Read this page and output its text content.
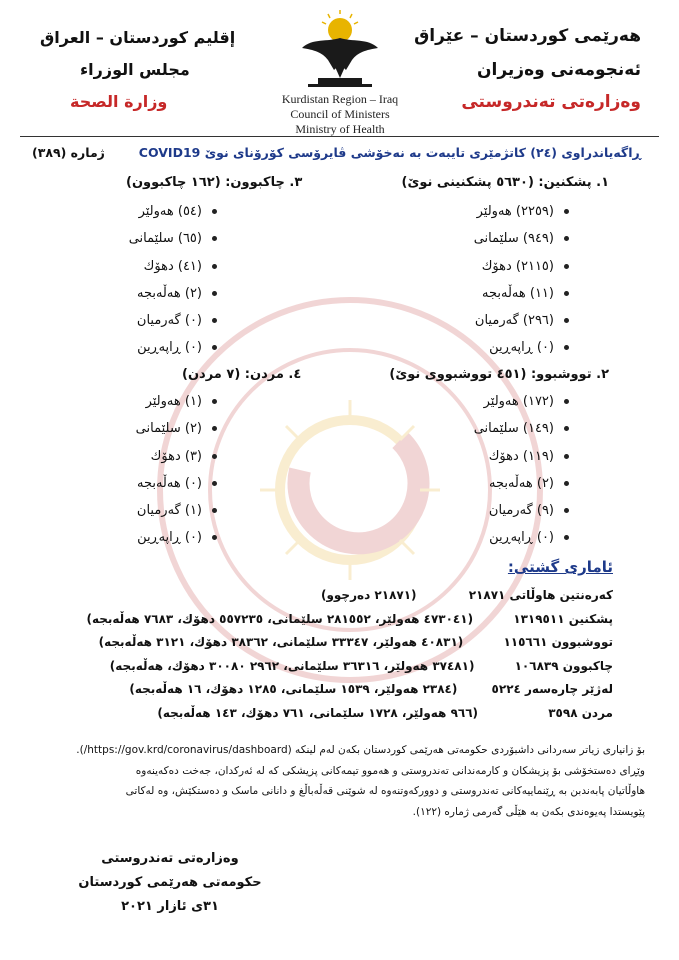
هەرێمی کوردستان – عێراق
ئەنجومەنی وەزیران
وەزارەتی تەندروستی
إقليم كوردستان – العراق
مجلس الوزراء
وزارة الصحة	Kurdistan Region – Iraq
Council of Ministers
Ministry of Health
ڕاگەیاندراوی (٢٤) کاتژمێری تایبەت بە نەخۆشی ڤایرۆسی کۆرۆنای نوێ COVID19
ژمارە (٣٨٩)
١. پشکنین: (٥٦٣٠ پشکنینی نوێ)
(٢٢٥٩) هەولێر
(٩٤٩) سلێمانی
(٢١١٥) دهۆك
(١١) هەڵەبجە
(٢٩٦) گەرمیان
(٠) ڕاپەڕین
٣. چاکبوون: (١٦٢ چاکبوون)
(٥٤) هەولێر
(٦٥) سلێمانی
(٤١) دهۆك
(٢) هەڵەبجە
(٠) گەرمیان
(٠) ڕاپەڕین
٢. تووشبوو: (٤٥١ تووشبووی نوێ)
(١٧٢) هەولێر
(١٤٩) سلێمانی
(١١٩) دهۆك
(٢) هەڵەبجە
(٩) گەرمیان
(٠) ڕاپەڕین
٤. مردن: (٧ مردن)
(١) هەولێر
(٢) سلێمانی
(٣) دهۆك
(٠) هەڵەبجە
(١) گەرمیان
(٠) ڕاپەڕین
ئاماری گشتی:
کەرەنتین هاوڵاتی ٢١٨٧١ (٢١٨٧١ دەرچوو)
پشکنین ١٣١٩٥١١ (٤٧٣٠٤١ هەولێر، ٢٨١٥٥٢ سلێمانی، ٥٥٧٢٣٥ دهۆك، ٧٦٨٣ هەڵەبجە)
تووشبوون ١١٥٦٦١ (٤٠٨٣١ هەولێر، ٣٣٣٤٧ سلێمانی، ٣٨٣٦٢ دهۆك، ٣١٢١ هەڵەبجە)
چاکبوون ١٠٦٨٣٩ (٣٧٤٨١ هەولێر، ٣٦٣١٦ سلێمانی، ٢٩٦٢ ٣٠٠٨٠ دهۆك، هەڵەبجە)
لەژێر چارەسەر ٥٢٢٤ (٢٣٨٤ هەولێر، ١٥٣٩ سلێمانی، ١٢٨٥ دهۆك، ١٦ هەڵەبجە)
مردن ٣٥٩٨ (٩٦٦ هەولێر، ١٧٢٨ سلێمانی، ٧٦١ دهۆك، ١٤٣ هەڵەبجە)
بۆ زانیاری زیاتر سەردانی داشبۆردی حکومەتی هەرێمی کوردستان بکەن لەم لینکە (https://gov.krd/coronavirus/dashboard/).
وێڕای دەستخۆشی بۆ پزیشکان و کارمەندانی تەندروستی و هەموو تیمەکانی پزیشکی کە لە ئەرکدان، جەخت دەکەینەوە
هاوڵاتیان پابەندبن بە ڕێنماییەکانی تەندروستی و دوورکەوتنەوە لە شوێنی قەڵەباڵغ و دانانی ماسک و دەستکێش، وە لەکاتی
پێویستدا پەیوەندی بکەن بە هێڵی گەرمی ژمارە (١٢٢).
وەزارەتی تەندروستی
حکومەتی هەرێمی کوردستان
٣١ی ئازار ٢٠٢١
